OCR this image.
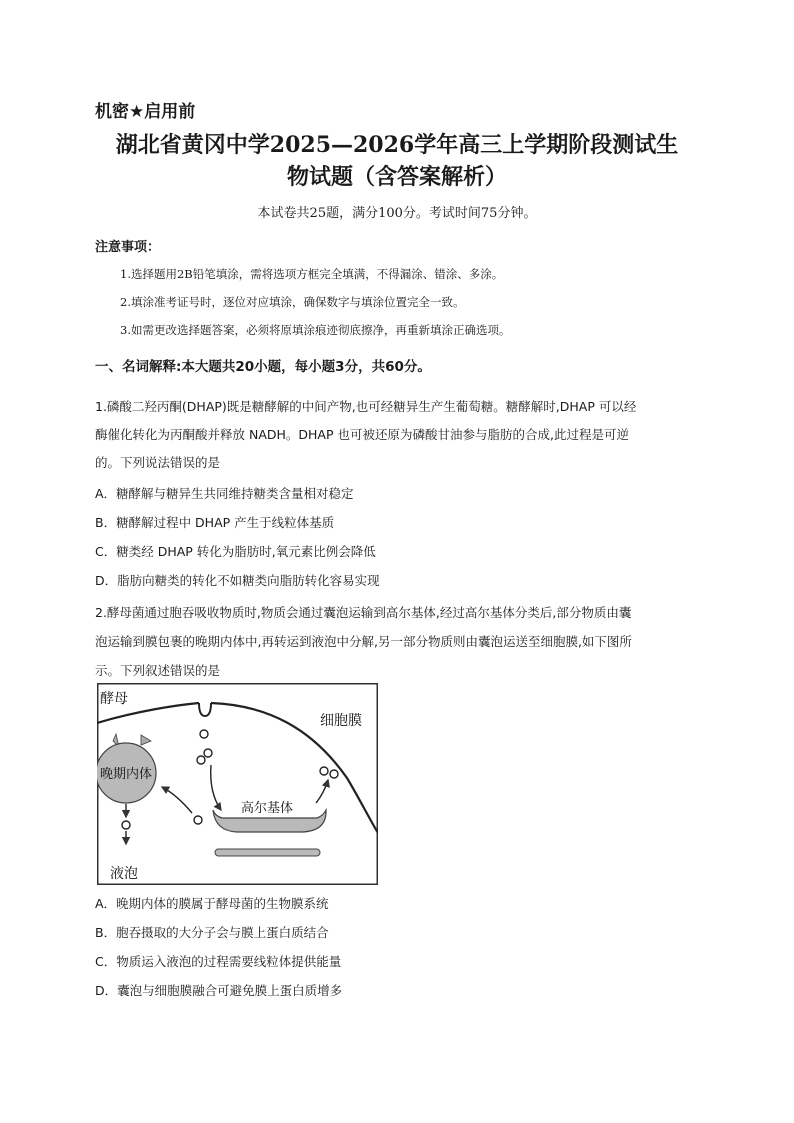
机密★启用前
湖北省黄冈中学2025—2026学年高三上学期阶段测试生
物试题（含答案解析）
本试卷共25题，满分100分。考试时间75分钟。
注意事项：
1.选择题用2B铅笔填涂，需将选项方框完全填满，不得漏涂、错涂、多涂。
2.填涂准考证号时，逐位对应填涂，确保数字与填涂位置完全一致。
3.如需更改选择题答案，必须将原填涂痕迹彻底擦净，再重新填涂正确选项。
一、名词解释:本大题共20小题，每小题3分，共60分。
1.磷酸二羟丙酮(DHAP)既是糖酵解的中间产物,也可经糖异生产生葡萄糖。糖酵解时,DHAP 可以经
酶催化转化为丙酮酸并释放 NADH。DHAP 也可被还原为磷酸甘油参与脂肪的合成,此过程是可逆
的。下列说法错误的是
A．糖酵解与糖异生共同维持糖类含量相对稳定
B．糖酵解过程中 DHAP 产生于线粒体基质
C．糖类经 DHAP 转化为脂肪时,氧元素比例会降低
D．脂肪向糖类的转化不如糖类向脂肪转化容易实现
2.酵母菌通过胞吞吸收物质时,物质会通过囊泡运输到高尔基体,经过高尔基体分类后,部分物质由囊
泡运输到膜包裹的晚期内体中,再转运到液泡中分解,另一部分物质则由囊泡运送至细胞膜,如下图所
示。下列叙述错误的是
晚期内体
液泡
高尔基体
酵母
细胞膜
A．晚期内体的膜属于酵母菌的生物膜系统
B．胞吞摄取的大分子会与膜上蛋白质结合
C．物质运入液泡的过程需要线粒体提供能量
D．囊泡与细胞膜融合可避免膜上蛋白质增多
